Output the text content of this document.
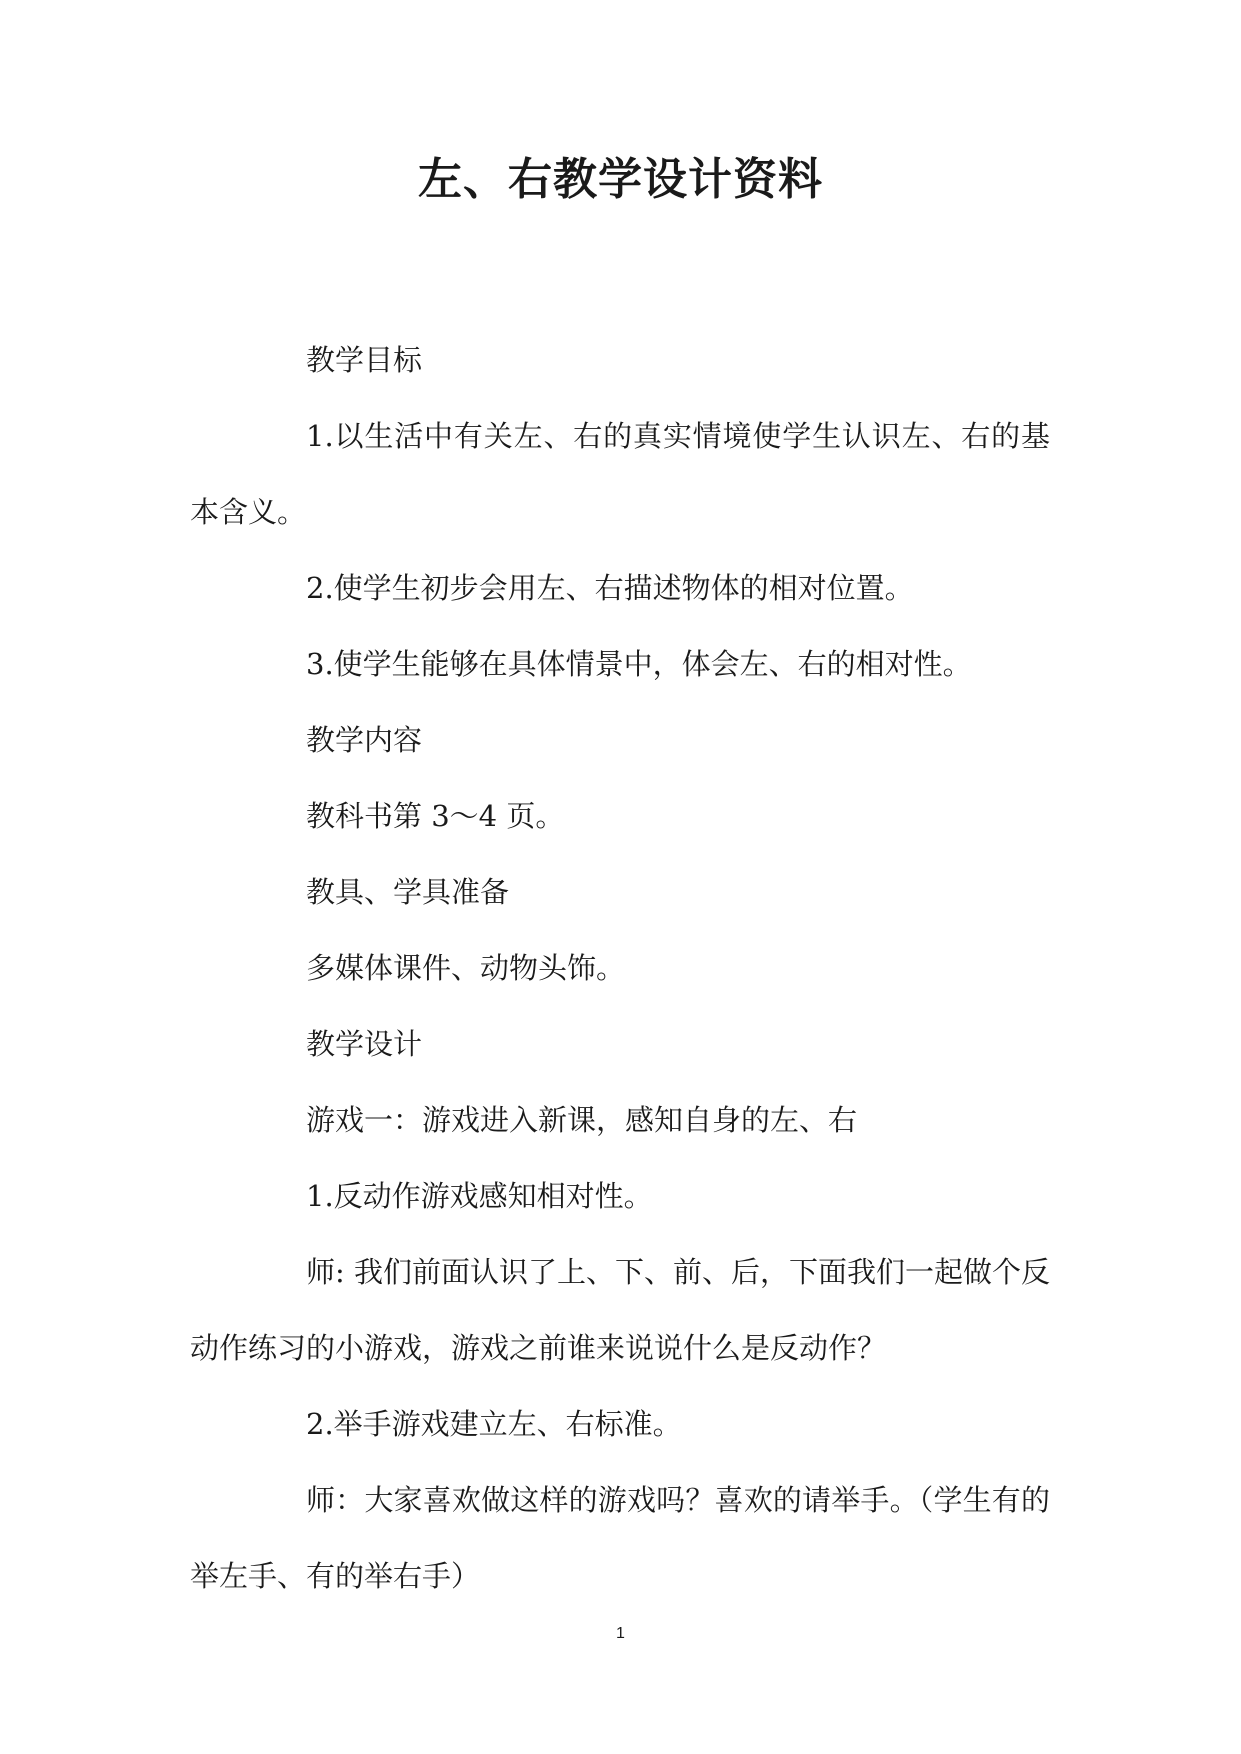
左、右教学设计资料

教学目标

1.以生活中有关左、右的真实情境使学生认识左、右的基本含义。

2.使学生初步会用左、右描述物体的相对位置。

3.使学生能够在具体情景中，体会左、右的相对性。

教学内容

教科书第 3～4 页。

教具、学具准备

多媒体课件、动物头饰。

教学设计

游戏一：游戏进入新课，感知自身的左、右

1.反动作游戏感知相对性。

师: 我们前面认识了上、下、前、后，下面我们一起做个反动作练习的小游戏，游戏之前谁来说说什么是反动作？

2.举手游戏建立左、右标准。

师：大家喜欢做这样的游戏吗？喜欢的请举手。（学生有的举左手、有的举右手）

1
